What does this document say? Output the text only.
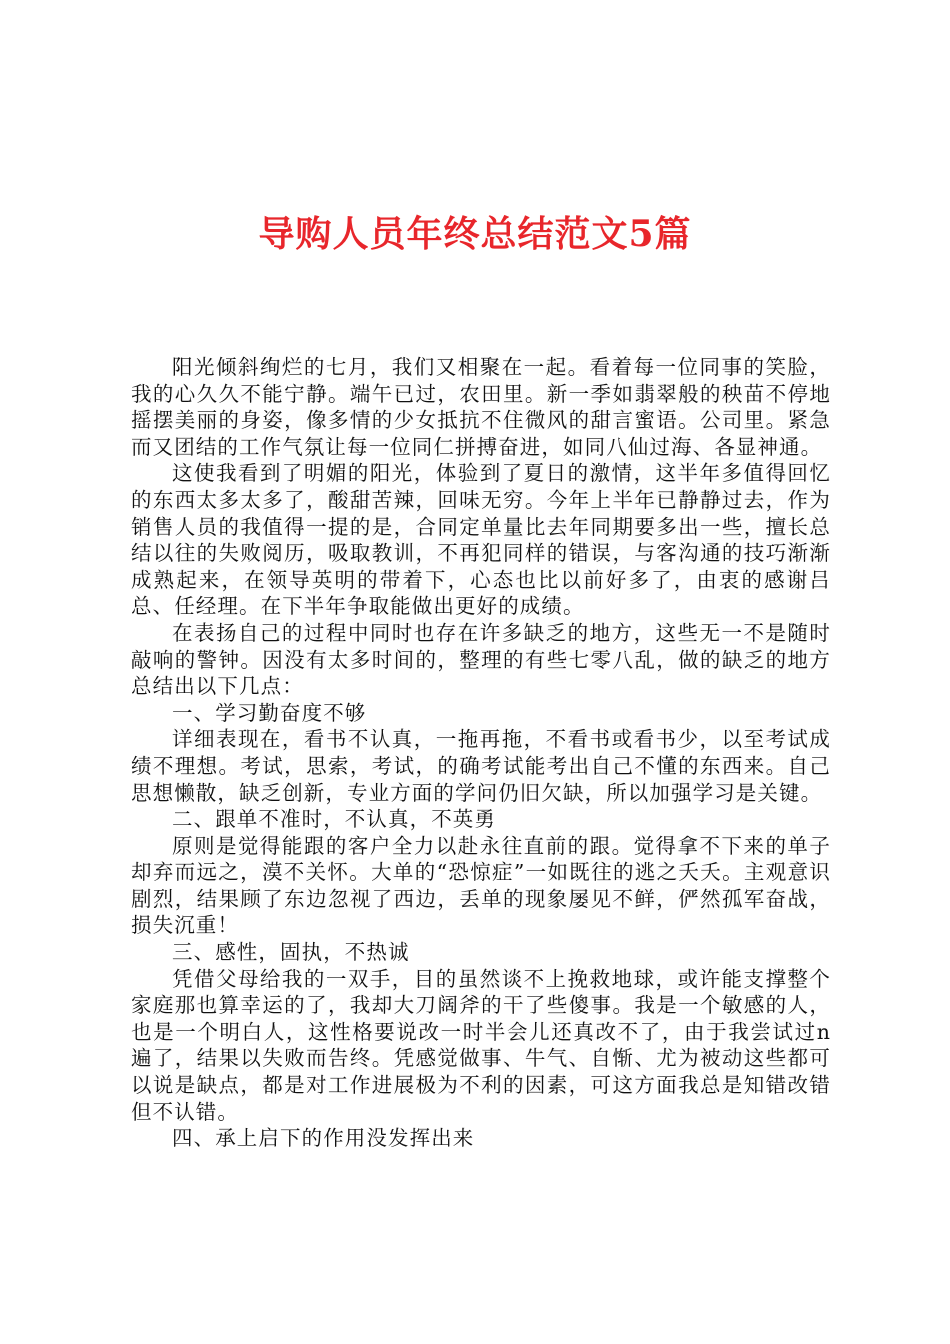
导购人员年终总结范文5篇

阳光倾斜绚烂的七月，我们又相聚在一起。看着每一位同事的笑脸，我的心久久不能宁静。端午已过，农田里。新一季如翡翠般的秧苗不停地摇摆美丽的身姿，像多情的少女抵抗不住微风的甜言蜜语。公司里。紧急而又团结的工作气氛让每一位同仁拼搏奋进，如同八仙过海、各显神通。

这使我看到了明媚的阳光，体验到了夏日的激情，这半年多值得回忆的东西太多太多了，酸甜苦辣，回味无穷。今年上半年已静静过去，作为销售人员的我值得一提的是，合同定单量比去年同期要多出一些，擅长总结以往的失败阅历，吸取教训，不再犯同样的错误，与客沟通的技巧渐渐成熟起来，在领导英明的带着下，心态也比以前好多了，由衷的感谢吕总、任经理。在下半年争取能做出更好的成绩。

在表扬自己的过程中同时也存在许多缺乏的地方，这些无一不是随时敲响的警钟。因没有太多时间的，整理的有些七零八乱，做的缺乏的地方总结出以下几点：

一、学习勤奋度不够

详细表现在，看书不认真，一拖再拖，不看书或看书少，以至考试成绩不理想。考试，思索，考试，的确考试能考出自己不懂的东西来。自己思想懒散，缺乏创新，专业方面的学问仍旧欠缺，所以加强学习是关键。

二、跟单不准时，不认真，不英勇

原则是觉得能跟的客户全力以赴永往直前的跟。觉得拿不下来的单子却弃而远之，漠不关怀。大单的“恐惊症”一如既往的逃之夭夭。主观意识剧烈，结果顾了东边忽视了西边，丢单的现象屡见不鲜，俨然孤军奋战，损失沉重！

三、感性，固执，不热诚

凭借父母给我的一双手，目的虽然谈不上挽救地球，或许能支撑整个家庭那也算幸运的了，我却大刀阔斧的干了些傻事。我是一个敏感的人，也是一个明白人，这性格要说改一时半会儿还真改不了，由于我尝试过n遍了，结果以失败而告终。凭感觉做事、牛气、自惭、尤为被动这些都可以说是缺点，都是对工作进展极为不利的因素，可这方面我总是知错改错但不认错。

四、承上启下的作用没发挥出来
